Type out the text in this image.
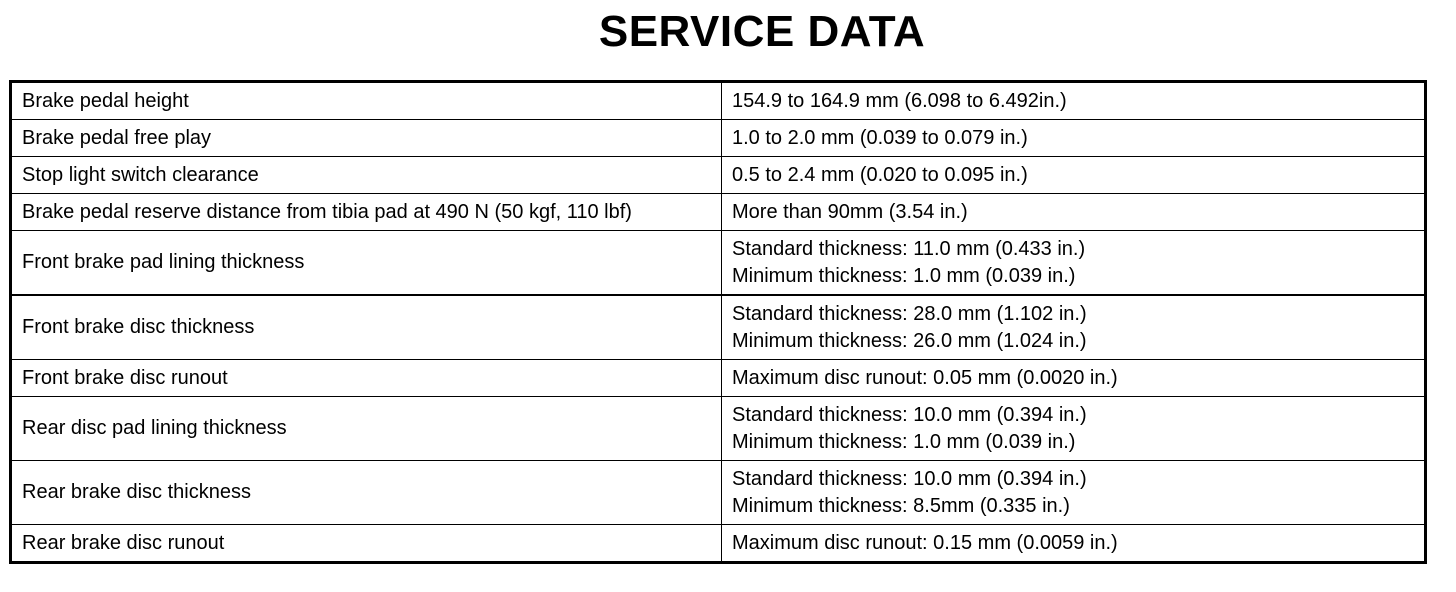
SERVICE DATA
Brake pedal height	154.9 to 164.9 mm (6.098 to 6.492in.)

Brake pedal free play	1.0 to 2.0 mm (0.039 to 0.079 in.)

Stop light switch clearance	0.5 to 2.4 mm (0.020 to 0.095 in.)

Brake pedal reserve distance from tibia pad at 490 N (50 kgf, 110 lbf)	More than 90mm (3.54 in.)

Front brake pad lining thickness	Standard thickness: 11.0 mm (0.433 in.)
Minimum thickness: 1.0 mm (0.039 in.)

Front brake disc thickness	Standard thickness: 28.0 mm (1.102 in.)
Minimum thickness: 26.0 mm (1.024 in.)

Front brake disc runout	Maximum disc runout: 0.05 mm (0.0020 in.)

Rear disc pad lining thickness	Standard thickness: 10.0 mm (0.394 in.)
Minimum thickness: 1.0 mm (0.039 in.)

Rear brake disc thickness	Standard thickness: 10.0 mm (0.394 in.)
Minimum thickness: 8.5mm (0.335 in.)

Rear brake disc runout	Maximum disc runout: 0.15 mm (0.0059 in.)
